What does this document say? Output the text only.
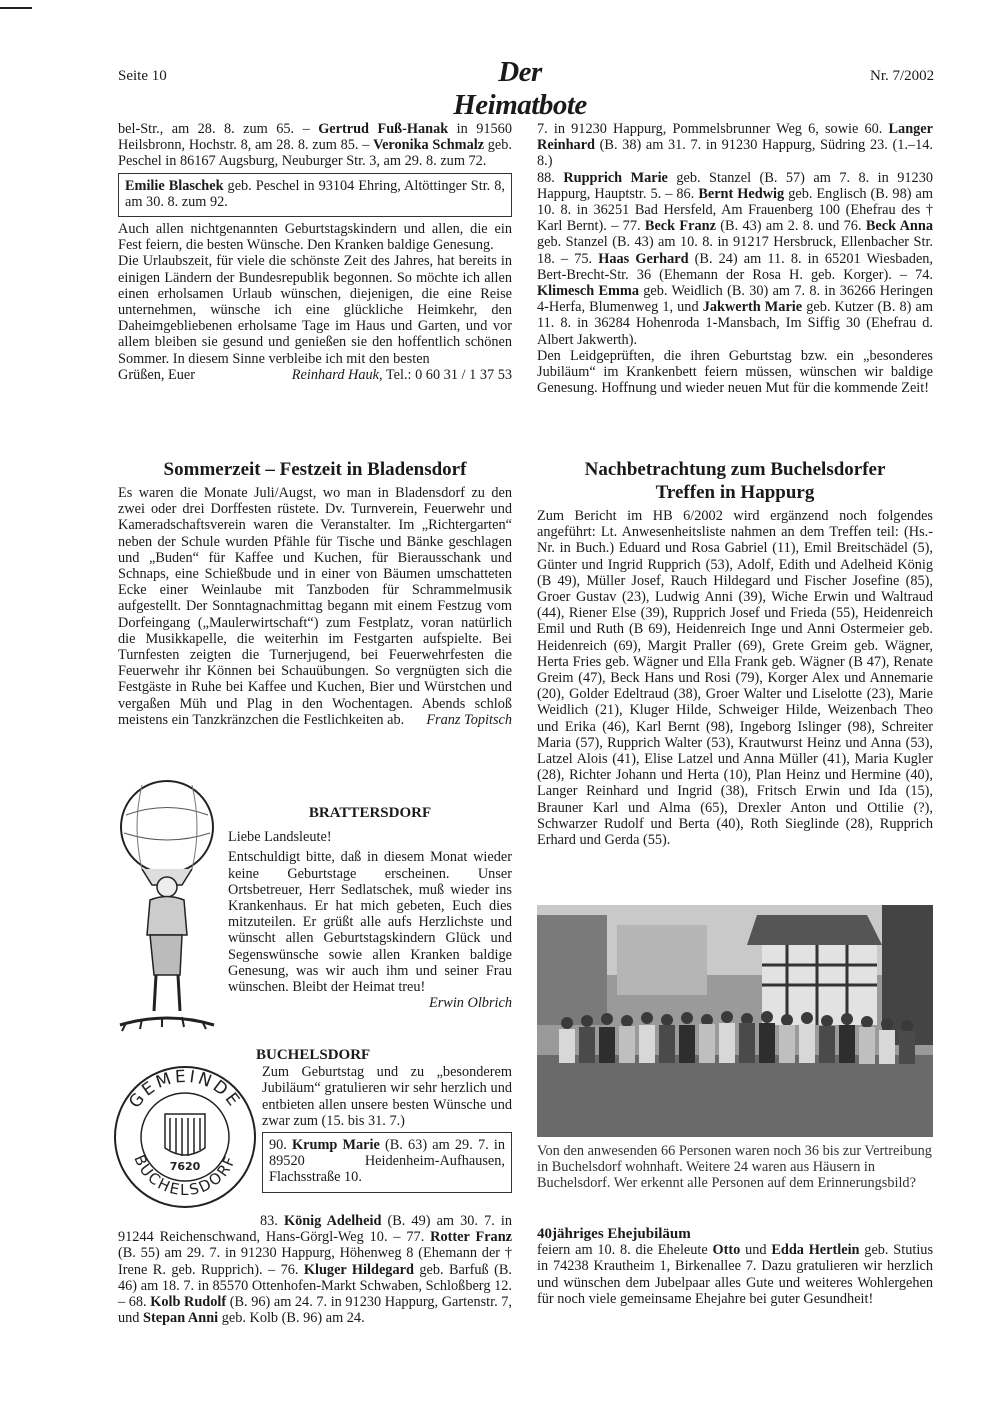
Seite 10	Der Heimatbote
Nr. 7/2002

bel-Str., am 28. 8. zum 65. – Gertrud Fuß-Hanak in 91560 Heilsbronn, Hochstr. 8, am 28. 8. zum 85. – Veronika Schmalz geb. Peschel in 86167 Augsburg, Neuburger Str. 3, am 29. 8. zum 72.

Emilie Blaschek geb. Peschel in 93104 Ehring, Altöttinger Str. 8, am 30. 8. zum 92.

Auch allen nichtgenannten Geburtstagskindern und allen, die ein Fest feiern, die besten Wünsche. Den Kranken baldige Genesung.

Die Urlaubszeit, für viele die schönste Zeit des Jahres, hat bereits in einigen Ländern der Bundesrepublik begonnen. So möchte ich allen einen erholsamen Urlaub wünschen, diejenigen, die eine Reise unternehmen, wünsche ich eine glückliche Heimkehr, den Daheimgebliebenen erholsame Tage im Haus und Garten, und vor allem bleiben sie gesund und genießen sie den hoffentlich schönen Sommer. In diesem Sinne verbleibe ich mit den besten

Grüßen, Euer	Reinhard Hauk, Tel.: 0 60 31 / 1 37 53
Sommerzeit – Festzeit in Bladensdorf

Es waren die Monate Juli/Augst, wo man in Bladensdorf zu den zwei oder drei Dorffesten rüstete. Dv. Turnverein, Feuerwehr und Kameradschaftsverein waren die Veranstalter. Im „Richtergarten“ neben der Schule wurden Pfähle für Tische und Bänke geschlagen und „Buden“ für Kaffee und Kuchen, für Bierausschank und Schnaps, eine Schießbude und in einer von Bäumen umschatteten Ecke einer Weinlaube mit Tanzboden für Schrammelmusik aufgestellt. Der Sonntagnachmittag begann mit einem Festzug vom Dorfeingang („Maulerwirtschaft“) zum Festplatz, voran natürlich die Musikkapelle, die weiterhin im Festgarten aufspielte. Bei Turnfesten zeigten die Turnerjugend, bei Feuerwehrfesten die Feuerwehr ihr Können bei Schauübungen. So vergnügten sich die Festgäste in Ruhe bei Kaffee und Kuchen, Bier und Würstchen und vergaßen Müh und Plag in den Wochentagen. Abends schloß meistens ein Tanzkränzchen die Festlichkeiten ab.	Franz Topitsch
BRATTERSDORF

Liebe Landsleute!

Entschuldigt bitte, daß in diesem Monat wieder keine Geburtstage erscheinen. Unser Ortsbetreuer, Herr Sedlatschek, muß wieder ins Krankenhaus. Er hat mich gebeten, Euch dies mitzuteilen. Er grüßt alle aufs Herzlichste und wünscht allen Geburtstagskindern Glück und Segenswünsche sowie allen Kranken baldige Genesung, was wir auch ihm und seiner Frau wünschen. Bleibt der Heimat treu!

Erwin Olbrich
GEMEINDE
BUCHELSDORF
7620
BUCHELSDORF

Zum Geburtstag und zu „besonderem Jubiläum“ gratulieren wir sehr herzlich und entbieten allen unsere besten Wünsche und zwar zum (15. bis 31. 7.)

90. Krump Marie (B. 63) am 29. 7. in 89520 Heidenheim-Aufhausen, Flachsstraße 10.

83. König Adelheid (B. 49) am 30. 7. in 91244 Reichenschwand, Hans-Görgl-Weg 10. – 77. Rotter Franz (B. 55) am 29. 7. in 91230 Happurg, Höhenweg 8 (Ehemann der † Irene R. geb. Rupprich). – 76. Kluger Hildegard geb. Barfuß (B. 46) am 18. 7. in 85570 Ottenhofen-Markt Schwaben, Schloßberg 12. – 68. Kolb Rudolf (B. 96) am 24. 7. in 91230 Happurg, Gartenstr. 7, und Stepan Anni geb. Kolb (B. 96) am 24.

7. in 91230 Happurg, Pommelsbrunner Weg 6, sowie 60. Langer Reinhard (B. 38) am 31. 7. in 91230 Happurg, Südring 23. (1.–14. 8.)

88. Rupprich Marie geb. Stanzel (B. 57) am 7. 8. in 91230 Happurg, Hauptstr. 5. – 86. Bernt Hedwig geb. Englisch (B. 98) am 10. 8. in 36251 Bad Hersfeld, Am Frauenberg 100 (Ehefrau des † Karl Bernt). – 77. Beck Franz (B. 43) am 2. 8. und 76. Beck Anna geb. Stanzel (B. 43) am 10. 8. in 91217 Hersbruck, Ellenbacher Str. 18. – 75. Haas Gerhard (B. 24) am 11. 8. in 65201 Wiesbaden, Bert-Brecht-Str. 36 (Ehemann der Rosa H. geb. Korger). – 74. Klimesch Emma geb. Weidlich (B. 30) am 7. 8. in 36266 Heringen 4-Herfa, Blumenweg 1, und Jakwerth Marie geb. Kutzer (B. 8) am 11. 8. in 36284 Hohenroda 1-Mansbach, Im Siffig 30 (Ehefrau d. Albert Jakwerth).

Den Leidgeprüften, die ihren Geburtstag bzw. ein „besonderes Jubiläum“ im Krankenbett feiern müssen, wünschen wir baldige Genesung. Hoffnung und wieder neuen Mut für die kommende Zeit!

Nachbetrachtung zum Buchelsdorfer
Treffen in Happurg

Zum Bericht im HB 6/2002 wird ergänzend noch folgendes angeführt: Lt. Anwesenheitsliste nahmen an dem Treffen teil: (Hs.-Nr. in Buch.) Eduard und Rosa Gabriel (11), Emil Breitschädel (5), Günter und Ingrid Rupprich (53), Adolf, Edith und Adelheid König (B 49), Müller Josef, Rauch Hildegard und Fischer Josefine (85), Groer Gustav (23), Ludwig Anni (39), Wiche Erwin und Waltraud (44), Riener Else (39), Rupprich Josef und Frieda (55), Heidenreich Emil und Ruth (B 69), Heidenreich Inge und Anni Ostermeier geb. Heidenreich (69), Margit Praller (69), Grete Greim geb. Wägner, Herta Fries geb. Wägner und Ella Frank geb. Wägner (B 47), Renate Greim (47), Beck Hans und Rosi (79), Korger Alex und Annemarie (20), Golder Edeltraud (38), Groer Walter und Liselotte (23), Marie Weidlich (21), Kluger Hilde, Schweiger Hilde, Weizenbach Theo und Erika (46), Karl Bernt (98), Ingeborg Islinger (98), Schreiter Maria (57), Rupprich Walter (53), Krautwurst Heinz und Anna (53), Latzel Alois (41), Elise Latzel und Anna Müller (41), Maria Kugler (28), Richter Johann und Herta (10), Plan Heinz und Hermine (40), Langer Reinhard und Ingrid (38), Fritsch Erwin und Ida (15), Brauner Karl und Alma (65), Drexler Anton und Ottilie (?), Schwarzer Rudolf und Berta (40), Roth Sieglinde (28), Rupprich Erhard und Gerda (55).

Von den anwesenden 66 Personen waren noch 36 bis zur Vertreibung in Buchelsdorf wohnhaft. Weitere 24 waren aus Häusern in Buchelsdorf. Wer erkennt alle Personen auf dem Erinnerungsbild?
40jähriges Ehejubiläum

feiern am 10. 8. die Eheleute Otto und Edda Hertlein geb. Stutius in 74238 Krautheim 1, Birkenallee 7. Dazu gratulieren wir herzlich und wünschen dem Jubelpaar alles Gute und weiteres Wohlergehen für noch viele gemeinsame Ehejahre bei guter Gesundheit!
